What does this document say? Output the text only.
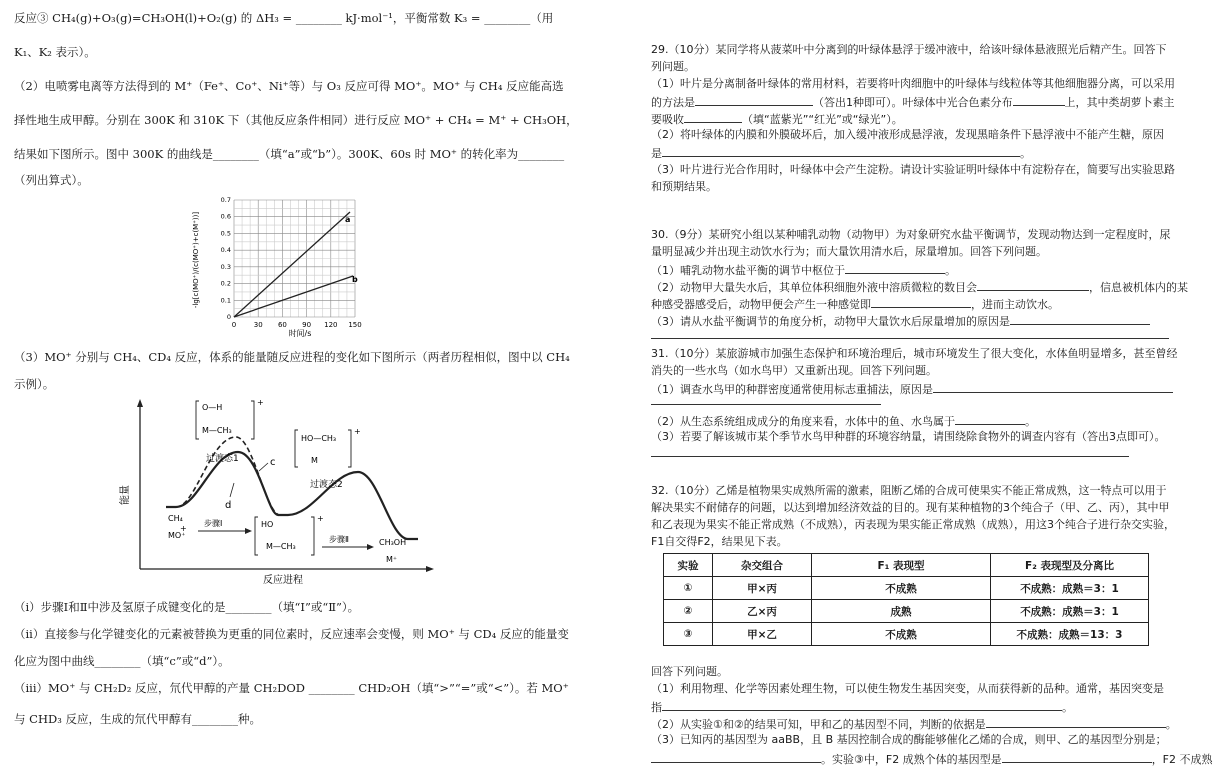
反应③ CH₄(g)+O₃(g)=CH₃OH(l)+O₂(g) 的 ΔH₃ = ________ kJ·mol⁻¹，平衡常数 K₃ = ________（用
K₁、K₂ 表示）。
（2）电喷雾电离等方法得到的 M⁺（Fe⁺、Co⁺、Ni⁺等）与 O₃ 反应可得 MO⁺。MO⁺ 与 CH₄ 反应能高选
择性地生成甲醇。分别在 300K 和 310K 下（其他反应条件相同）进行反应 MO⁺ + CH₄ = M⁺ + CH₃OH，
结果如下图所示。图中 300K 的曲线是________（填“a”或“b”）。300K、60s 时 MO⁺ 的转化率为________
（列出算式）。
0	30 60 90 120 150
0
0.1
0.2
0.3
0.4
0.5
0.6
0.7
-lg[c(MO⁺)/(c(MO⁺)+c(M⁺))]
时间/s
a
b
（3）MO⁺ 分别与 CH₄、CD₄ 反应，体系的能量随反应进程的变化如下图所示（两者历程相似，图中以 CH₄
示例）。
能量
反应进程
c
d
过渡态1
过渡态2
O—H
M—CH₃
+
HO—CH₃
M
+
HO
M—CH₃
+
CH₄
MO⁺
+
步骤Ⅰ
步骤Ⅱ	CH₃OH
M⁺
（i）步骤Ⅰ和Ⅱ中涉及氢原子成键变化的是________（填“Ⅰ”或“Ⅱ”）。
（ii）直接参与化学键变化的元素被替换为更重的同位素时，反应速率会变慢，则 MO⁺ 与 CD₄ 反应的能量变
化应为图中曲线________（填“c”或“d”）。
（iii）MO⁺ 与 CH₂D₂ 反应，氘代甲醇的产量 CH₂DOD ________ CHD₂OH（填“>”“=”或“<”）。若 MO⁺
与 CHD₃ 反应，生成的氘代甲醇有________种。
29.（10分）某同学将从菠菜叶中分离到的叶绿体悬浮于缓冲液中，给该叶绿体悬液照光后精产生。回答下
列问题。
（1）叶片是分离制备叶绿体的常用材料，若要将叶肉细胞中的叶绿体与线粒体等其他细胞器分离，可以采用
的方法是	（答出1种即可）。叶绿体中光合色素分布	上，其中类胡萝卜素主
要吸收	（填“蓝紫光”“红光”或“绿光”）。
（2）将叶绿体的内膜和外膜破坏后，加入缓冲液形成悬浮液，发现黑暗条件下悬浮液中不能产生糖，原因
是	。
（3）叶片进行光合作用时，叶绿体中会产生淀粉。请设计实验证明叶绿体中有淀粉存在，简要写出实验思路
和预期结果。
30.（9分）某研究小组以某种哺乳动物（动物甲）为对象研究水盐平衡调节，发现动物达到一定程度时，尿
量明显减少并出现主动饮水行为；而大量饮用清水后，尿量增加。回答下列问题。
（1）哺乳动物水盐平衡的调节中枢位于	。
（2）动物甲大量失水后，其单位体积细胞外液中溶质微粒的数目会	，信息被机体内的某
种感受器感受后，动物甲便会产生一种感觉即	，进而主动饮水。
（3）请从水盐平衡调节的角度分析，动物甲大量饮水后尿量增加的原因是
31.（10分）某旅游城市加强生态保护和环境治理后，城市环境发生了很大变化，水体鱼明显增多，甚至曾经
消失的一些水鸟（如水鸟甲）又重新出现。回答下列问题。
（1）调查水鸟甲的种群密度通常使用标志重捕法，原因是
（2）从生态系统组成成分的角度来看，水体中的鱼、水鸟属于	。
（3）若要了解该城市某个季节水鸟甲种群的环境容纳量，请围绕除食物外的调查内容有（答出3点即可）。
32.（10分）乙烯是植物果实成熟所需的激素，阻断乙烯的合成可使果实不能正常成熟，这一特点可以用于
解决果实不耐储存的问题，以达到增加经济效益的目的。现有某种植物的3个纯合子（甲、乙、丙），其中甲
和乙表现为果实不能正常成熟（不成熟），丙表现为果实能正常成熟（成熟），用这3个纯合子进行杂交实验，
F1自交得F2，结果见下表。
实验	杂交组合	F₁ 表现型	F₂ 表现型及分离比
①	甲×丙	不成熟	不成熟：成熟＝3：1
②	乙×丙	成熟	不成熟：成熟＝3：1
③	甲×乙	不成熟	不成熟：成熟＝13：3
回答下列问题。
（1）利用物理、化学等因素处理生物，可以使生物发生基因突变，从而获得新的品种。通常，基因突变是
指	。
（2）从实验①和②的结果可知，甲和乙的基因型不同，判断的依据是	。
（3）已知丙的基因型为 aaBB，且 B 基因控制合成的酶能够催化乙烯的合成，则甲、乙的基因型分别是；
。实验③中，F2 成熟个体的基因型是	，F2 不成熟
